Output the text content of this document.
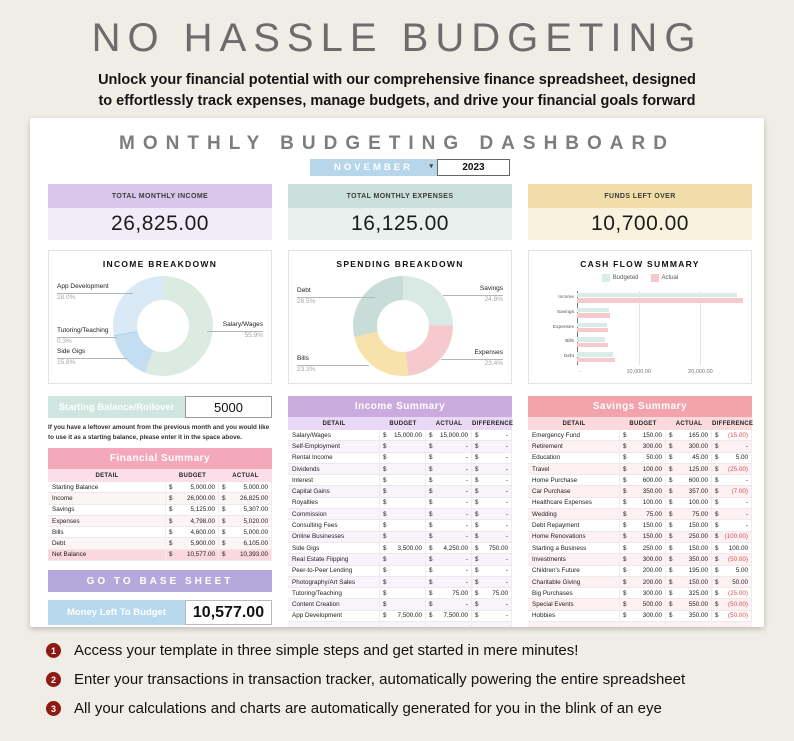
NO HASSLE BUDGETING
Unlock your financial potential with our comprehensive finance spreadsheet, designed
to effortlessly track expenses, manage budgets, and drive your financial goals forward
MONTHLY BUDGETING DASHBOARD
NOVEMBER ▾	2023
TOTAL MONTHLY INCOME
26,825.00
TOTAL MONTHLY EXPENSES
16,125.00
FUNDS LEFT OVER
10,700.00
INCOME BREAKDOWN
App Development
28.0%
Tutoring/Teaching
0.3%
Side Gigs
15.8%
Salary/Wages
55.9%
SPENDING BREAKDOWN
Debt
28.5%
Savings
24.8%
Bills
23.3%
Expenses
23.4%
CASH FLOW SUMMARY
Budgeted	Actual
-	10,000.00	20,000.00
Income
Savings
Expenses
Bills
Debt
Starting Balance/Rollover	5000
If you have a leftover amount from the previous month and you would like to use it as a starting balance, please enter it in the space above.
Financial Summary
DETAIL	BUDGET	ACTUAL
Starting Balance	$	5,000.00 $	5,000.00
Income	$ 26,000.00 $ 26,825.00
Savings	$	5,125.00 $	5,307.00
Expenses	$	4,798.00 $	5,020.00
Bills	$	4,600.00 $	5,000.00
Debt	$	5,900.00 $	6,105.00
Net Balance	$ 10,577.00 $ 10,393.00
GO TO BASE SHEET
Money Left To Budget	10,577.00
Income Summary
DETAIL	BUDGET	ACTUAL	DIFFERENCE
Salary/Wages	$ 15,000.00 $ 15,000.00 $	-
Self-Employment	$	$	- $	-
Rental Income	$	$	- $	-
Dividends	$	$	- $	-
Interest	$	$	- $	-
Capital Gains	$	$	- $	-
Royalties	$	$	- $	-
Commission	$	$	- $	-
Consulting Fees	$	$	- $	-
Online Businesses	$	$	- $	-
Side Gigs	$ 3,500.00 $ 4,250.00 $ 750.00
Real Estate Flipping	$	$	- $	-
Peer-to-Peer Lending	$	$	- $	-
Photography/Art Sales	$	$	- $	-
Tutoring/Teaching	$	$	75.00 $ 75.00
Content Creation	$	$	- $	-
App Development	$ 7,500.00 $ 7,500.00 $	-
Savings Summary
DETAIL	BUDGET	ACTUAL	DIFFERENCE
Emergency Fund	$	150.00 $	165.00 $ (15.00)
Retirement	$	300.00 $	300.00 $	-
Education	$	50.00 $	45.00 $	5.00
Travel	$	100.00 $	125.00 $ (25.00)
Home Purchase	$	600.00 $	600.00 $	-
Car Purchase	$	350.00 $	357.00 $ (7.00)
Healthcare Expenses	$	100.00 $	100.00 $	-
Wedding	$	75.00 $	75.00 $	-
Debt Repayment	$	150.00 $	150.00 $	-
Home Renovations	$	150.00 $	250.00 $ (100.00)
Starting a Business	$	250.00 $	150.00 $ 100.00
Investments	$	300.00 $	350.00 $ (50.00)
Children's Future	$	200.00 $	195.00 $	5.00
Charitable Giving	$	200.00 $	150.00 $ 50.00
Big Purchases	$	300.00 $	325.00 $ (25.00)
Special Events	$	500.00 $	550.00 $ (50.00)
Hobbies	$	300.00 $	350.00 $ (50.00)
1	Access your template in three simple steps and get started in mere minutes!
2	Enter your transactions in transaction tracker, automatically powering the entire spreadsheet
3	All your calculations and charts are automatically generated for you in the blink of an eye
